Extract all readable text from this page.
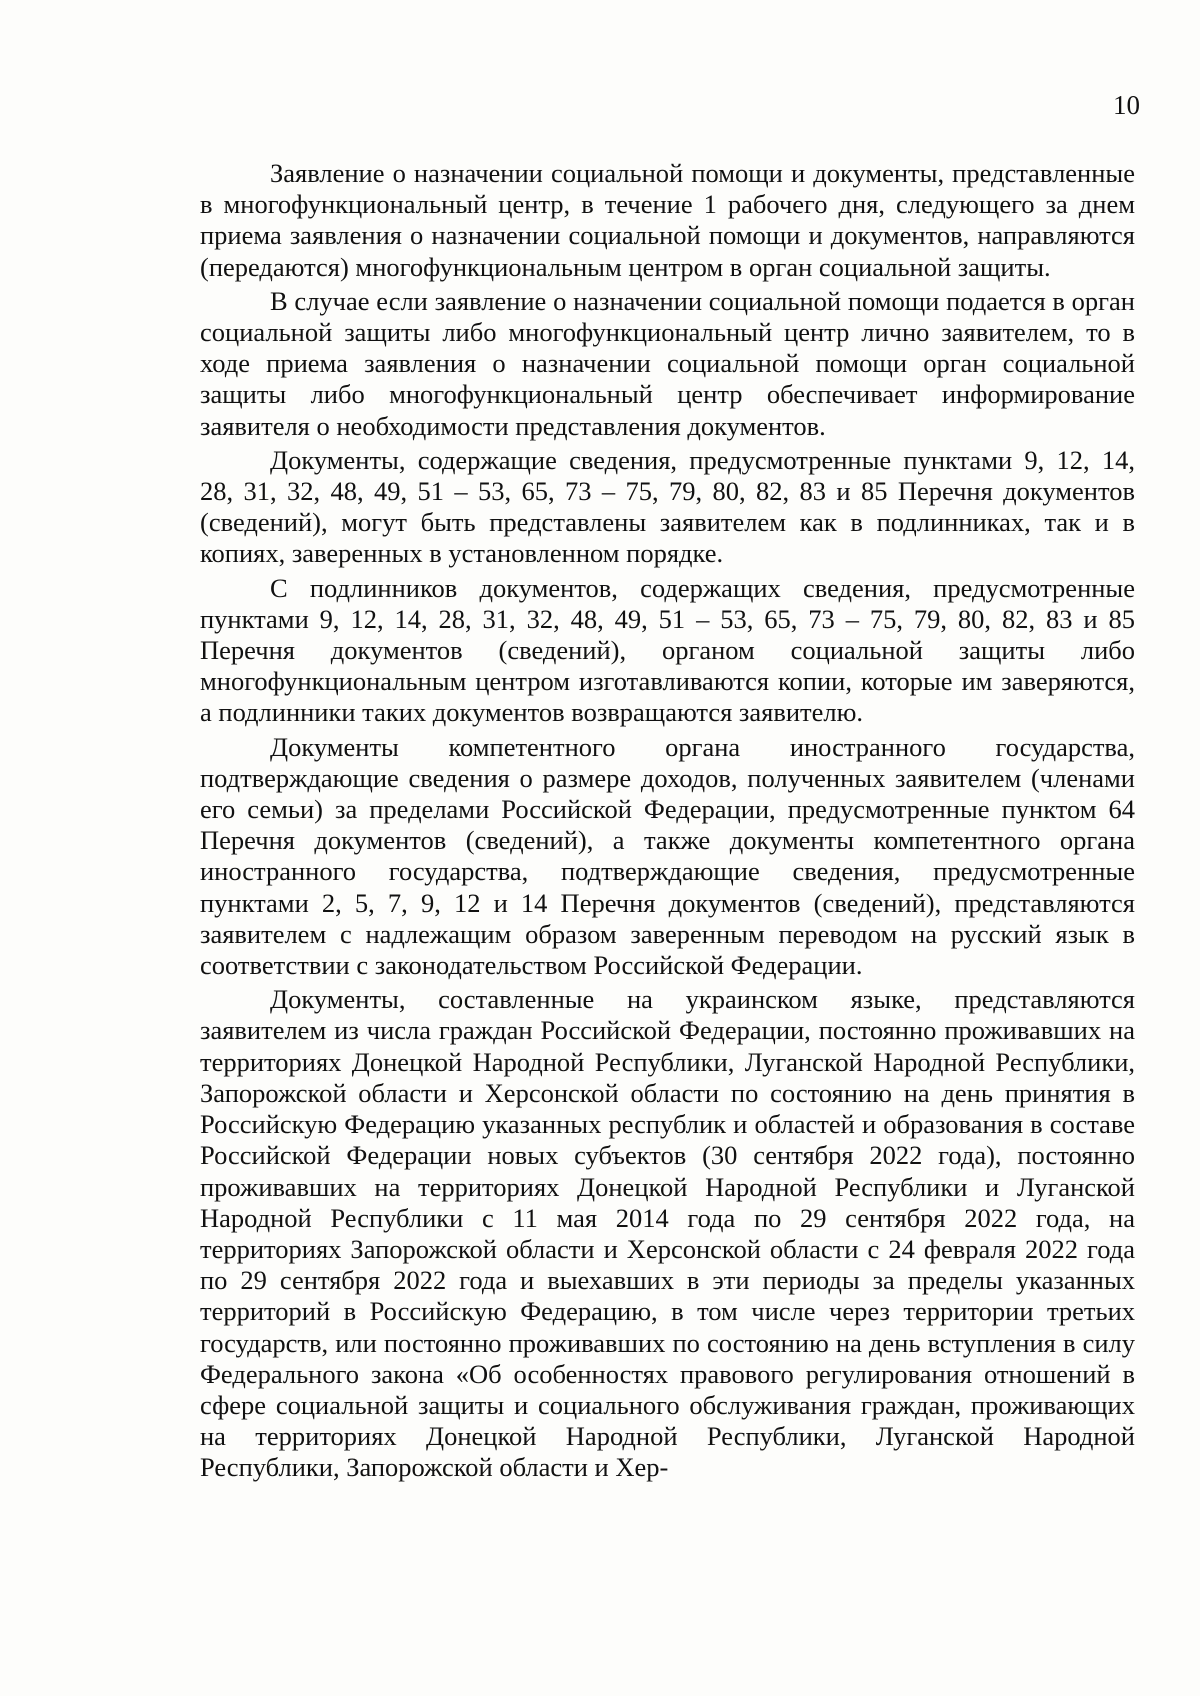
10

Заявление о назначении социальной помощи и документы, представленные в многофункциональный центр, в течение 1 рабочего дня, следующего за днем приема заявления о назначении социальной помощи и документов, направляются (передаются) многофункциональным центром в орган социальной защиты.

В случае если заявление о назначении социальной помощи подается в орган социальной защиты либо многофункциональный центр лично заявителем, то в ходе приема заявления о назначении социальной помощи орган социальной защиты либо многофункциональный центр обеспечивает информирование заявителя о необходимости представления документов.

Документы, содержащие сведения, предусмотренные пунктами 9, 12, 14, 28, 31, 32, 48, 49, 51 – 53, 65, 73 – 75, 79, 80, 82, 83 и 85 Перечня документов (сведений), могут быть представлены заявителем как в подлинниках, так и в копиях, заверенных в установленном порядке.

С подлинников документов, содержащих сведения, предусмотренные пунктами 9, 12, 14, 28, 31, 32, 48, 49, 51 – 53, 65, 73 – 75, 79, 80, 82, 83 и 85 Перечня документов (сведений), органом социальной защиты либо многофункциональным центром изготавливаются копии, которые им заверяются, а подлинники таких документов возвращаются заявителю.

Документы компетентного органа иностранного государства, подтверждающие сведения о размере доходов, полученных заявителем (членами его семьи) за пределами Российской Федерации, предусмотренные пунктом 64 Перечня документов (сведений), а также документы компетентного органа иностранного государства, подтверждающие сведения, предусмотренные пунктами 2, 5, 7, 9, 12 и 14 Перечня документов (сведений), представляются заявителем с надлежащим образом заверенным переводом на русский язык в соответствии с законодательством Российской Федерации.

Документы, составленные на украинском языке, представляются заявителем из числа граждан Российской Федерации, постоянно проживавших на территориях Донецкой Народной Республики, Луганской Народной Республики, Запорожской области и Херсонской области по состоянию на день принятия в Российскую Федерацию указанных республик и областей и образования в составе Российской Федерации новых субъектов (30 сентября 2022 года), постоянно проживавших на территориях Донецкой Народной Республики и Луганской Народной Республики с 11 мая 2014 года по 29 сентября 2022 года, на территориях Запорожской области и Херсонской области с 24 февраля 2022 года по 29 сентября 2022 года и выехавших в эти периоды за пределы указанных территорий в Российскую Федерацию, в том числе через территории третьих государств, или постоянно проживавших по состоянию на день вступления в силу Федерального закона «Об особенностях правового регулирования отношений в сфере социальной защиты и социального обслуживания граждан, проживающих на территориях Донецкой Народной Республики, Луганской Народной Республики, Запорожской области и Хер-
